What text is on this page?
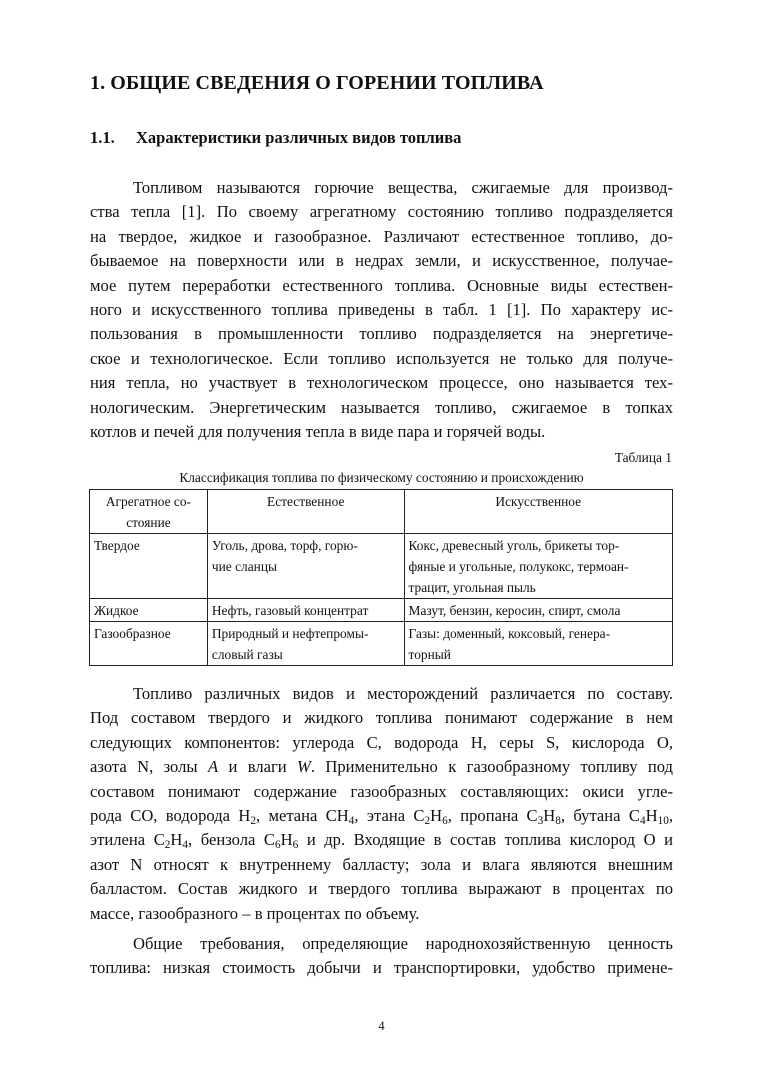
1. ОБЩИЕ СВЕДЕНИЯ О ГОРЕНИИ ТОПЛИВА
1.1. Характеристики различных видов топлива
Топливом называются горючие вещества, сжигаемые для производ-
ства тепла [1]. По своему агрегатному состоянию топливо подразделяется
на твердое, жидкое и газообразное. Различают естественное топливо, до-
бываемое на поверхности или в недрах земли, и искусственное, получае-
мое путем переработки естественного топлива. Основные виды естествен-
ного и искусственного топлива приведены в табл. 1 [1]. По характеру ис-
пользования в промышленности топливо подразделяется на энергетиче-
ское и технологическое. Если топливо используется не только для получе-
ния тепла, но участвует в технологическом процессе, оно называется тех-
нологическим. Энергетическим называется топливо, сжигаемое в топках
котлов и печей для получения тепла в виде пара и горячей воды.
Таблица 1
Классификация топлива по физическому состоянию и происхождению
Агрегатное со-
стояние	Естественное	Искусственное
Твердое	Уголь, дрова, торф, горю-
чие сланцы	Кокс, древесный уголь, брикеты тор-
фяные и угольные, полукокс, термоан-
трацит, угольная пыль
Жидкое	Нефть, газовый концентрат	Мазут, бензин, керосин, спирт, смола
Газообразное	Природный и нефтепромы-
словый газы	Газы: доменный, коксовый, генера-
торный
Топливо различных видов и месторождений различается по составу.
Под составом твердого и жидкого топлива понимают содержание в нем
следующих компонентов: углерода C, водорода H, серы S, кислорода O,
азота N, золы A и влаги W. Применительно к газообразному топливу под
составом понимают содержание газообразных составляющих: окиси угле-
рода CO, водорода $H_2$, метана $CH_4$, этана $C_2H_6$, пропана $C_3H_8$, бутана $C_4H_{10}$,
этилена $C_2H_4$, бензола $C_6H_6$ и др. Входящие в состав топлива кислород O и
азот N относят к внутреннему балласту; зола и влага являются внешним
балластом. Состав жидкого и твердого топлива выражают в процентах по
массе, газообразного – в процентах по объему.
Общие требования, определяющие народнохозяйственную ценность
топлива: низкая стоимость добычи и транспортировки, удобство примене-
4
